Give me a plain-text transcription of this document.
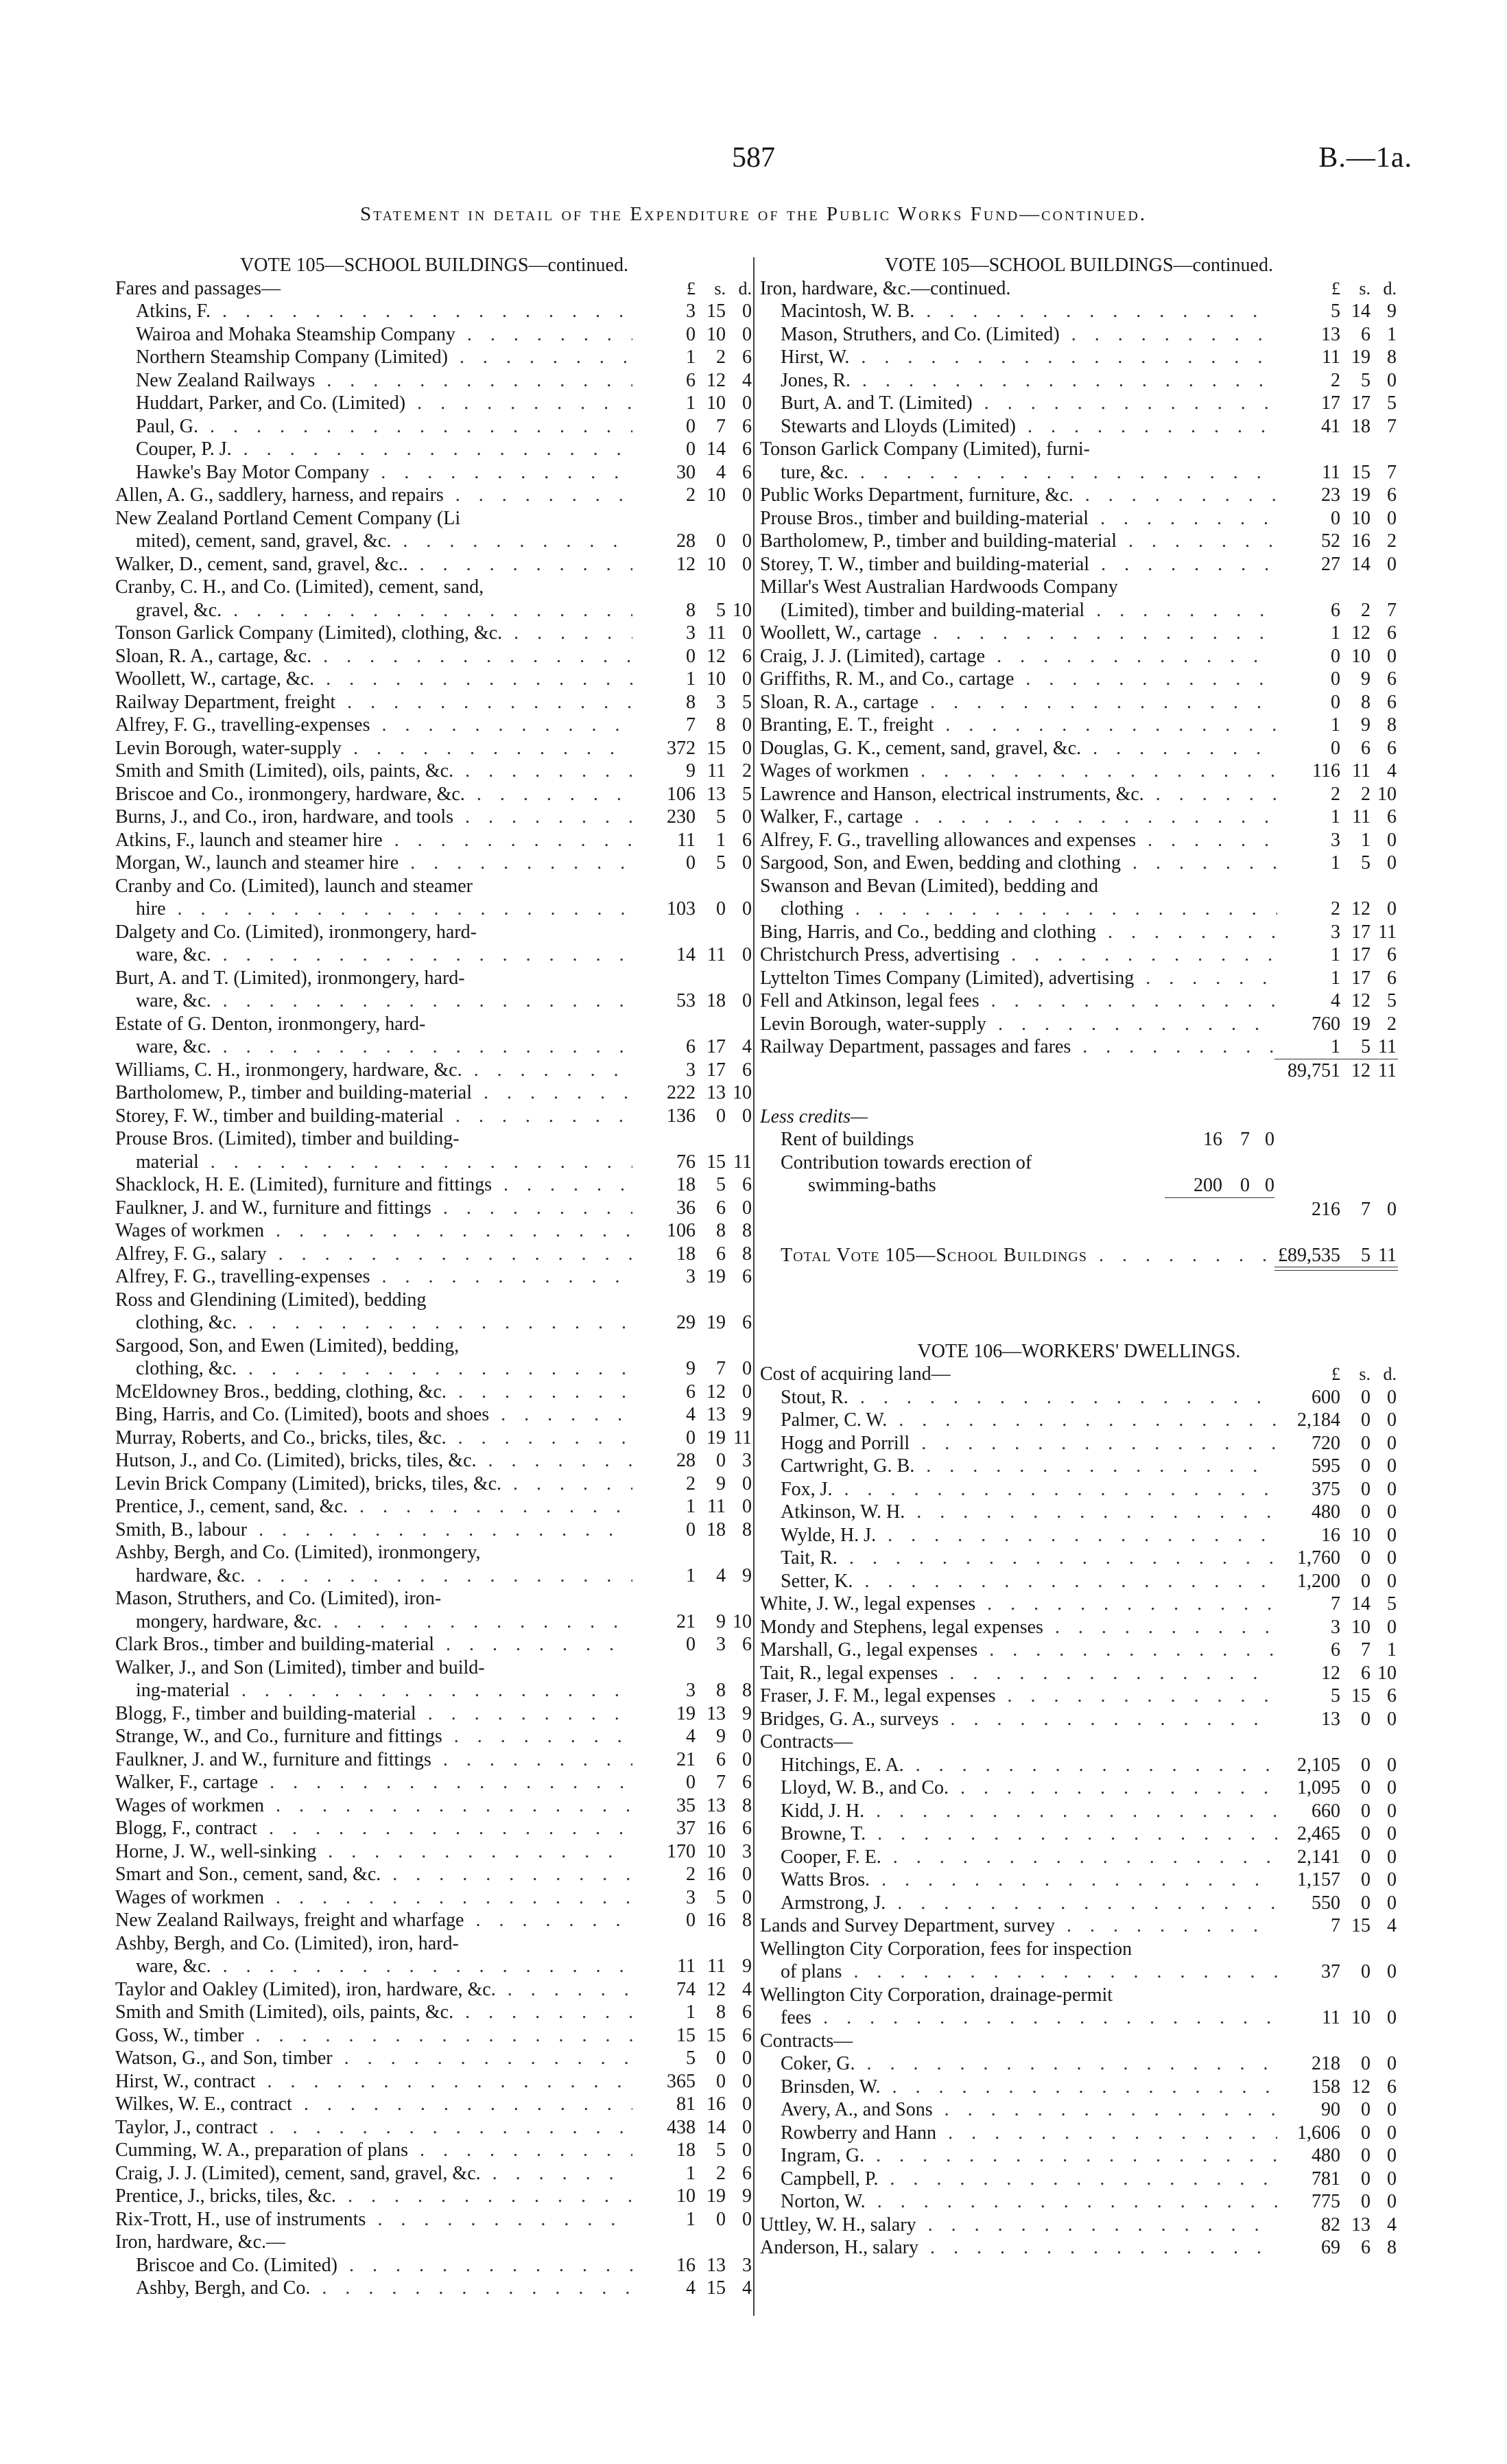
587	B.—1a.
Statement in detail of the Expenditure of the Public Works Fund—continued.
VOTE 105—SCHOOL BUILDINGS—continued.
Fares and passages—	£	s. d.
Atkins, F. . . .	3 15 0
Wairoa and Mohaka Steamship Company . . .	0 10 0
Northern Steamship Company (Limited) . . .	1	2 6
New Zealand Railways . . .	6 12 4
Huddart, Parker, and Co. (Limited) . . .	1 10 0
Paul, G. . . .	0	7 6
Couper, P. J. . . .	0 14 6
Hawke's Bay Motor Company . . .	30	4 6
Allen, A. G., saddlery, harness, and repairs . . .	2 10 0
New Zealand Portland Cement Company (Li
mited), cement, sand, gravel, &c. . . .	28	0 0
Walker, D., cement, sand, gravel, &c.. . . .	12 10 0
Cranby, C. H., and Co. (Limited), cement, sand,
gravel, &c. . . .	8	5 10
Tonson Garlick Company (Limited), clothing, &c. . . .	3 11 0
Sloan, R. A., cartage, &c. . . .	0 12 6
Woollett, W., cartage, &c. . . .	1 10 0
Railway Department, freight . . .	8	3 5
Alfrey, F. G., travelling-expenses . . .	7	8 0
Levin Borough, water-supply . . .	372 15 0
Smith and Smith (Limited), oils, paints, &c. . . .	9 11 2
Briscoe and Co., ironmongery, hardware, &c. . . .	106 13 5
Burns, J., and Co., iron, hardware, and tools . . .	230	5 0
Atkins, F., launch and steamer hire . . .	11	1 6
Morgan, W., launch and steamer hire . . .	0	5 0
Cranby and Co. (Limited), launch and steamer
hire . . .	103	0 0
Dalgety and Co. (Limited), ironmongery, hard-
ware, &c. . . .	14 11 0
Burt, A. and T. (Limited), ironmongery, hard-
ware, &c. . . .	53 18 0
Estate of G. Denton, ironmongery, hard-
ware, &c. . . .	6 17 4
Williams, C. H., ironmongery, hardware, &c. . . .	3 17 6
Bartholomew, P., timber and building-material . . .	222 13 10
Storey, F. W., timber and building-material . . .	136	0 0
Prouse Bros. (Limited), timber and building-
material . . .	76 15 11
Shacklock, H. E. (Limited), furniture and fittings . . .	18	5 6
Faulkner, J. and W., furniture and fittings . . .	36	6 0
Wages of workmen . . .	106	8 8
Alfrey, F. G., salary . . .	18	6 8
Alfrey, F. G., travelling-expenses . . .	3 19 6
Ross and Glendining (Limited), bedding
clothing, &c. . . .	29 19 6
Sargood, Son, and Ewen (Limited), bedding,
clothing, &c. . . .	9	7 0
McEldowney Bros., bedding, clothing, &c. . . .	6 12 0
Bing, Harris, and Co. (Limited), boots and shoes . . .	4 13 9
Murray, Roberts, and Co., bricks, tiles, &c. . . .	0 19 11
Hutson, J., and Co. (Limited), bricks, tiles, &c. . . .	28	0 3
Levin Brick Company (Limited), bricks, tiles, &c. . . .	2	9 0
Prentice, J., cement, sand, &c. . . .	1 11 0
Smith, B., labour . . .	0 18 8
Ashby, Bergh, and Co. (Limited), ironmongery,
hardware, &c. . . .	1	4 9
Mason, Struthers, and Co. (Limited), iron-
mongery, hardware, &c. . . .	21	9 10
Clark Bros., timber and building-material . . .	0	3 6
Walker, J., and Son (Limited), timber and build-
ing-material . . .	3	8 8
Blogg, F., timber and building-material . . .	19 13 9
Strange, W., and Co., furniture and fittings . . .	4	9 0
Faulkner, J. and W., furniture and fittings . . .	21	6 0
Walker, F., cartage . . .	0	7 6
Wages of workmen . . .	35 13 8
Blogg, F., contract . . .	37 16 6
Horne, J. W., well-sinking . . .	170 10 3
Smart and Son., cement, sand, &c. . . .	2 16 0
Wages of workmen . . .	3	5 0
New Zealand Railways, freight and wharfage . . .	0 16 8
Ashby, Bergh, and Co. (Limited), iron, hard-
ware, &c. . . .	11 11 9
Taylor and Oakley (Limited), iron, hardware, &c. . . .	74 12 4
Smith and Smith (Limited), oils, paints, &c. . . .	1	8 6
Goss, W., timber . . .	15 15 6
Watson, G., and Son, timber . . .	5	0 0
Hirst, W., contract . . .	365	0 0
Wilkes, W. E., contract . . .	81 16 0
Taylor, J., contract . . .	438 14 0
Cumming, W. A., preparation of plans . . .	18	5 0
Craig, J. J. (Limited), cement, sand, gravel, &c. . . .	1	2 6
Prentice, J., bricks, tiles, &c. . . .	10 19 9
Rix-Trott, H., use of instruments . . .	1	0 0
Iron, hardware, &c.—
Briscoe and Co. (Limited) . . .	16 13 3
Ashby, Bergh, and Co. . . .	4 15 4
VOTE 105—SCHOOL BUILDINGS—continued.
Iron, hardware, &c.—continued.	£	s. d.
Macintosh, W. B. . . .	5 14 9
Mason, Struthers, and Co. (Limited) . . .	13	6 1
Hirst, W. . . .	11 19 8
Jones, R. . . .	2	5 0
Burt, A. and T. (Limited) . . .	17 17 5
Stewarts and Lloyds (Limited) . . .	41 18 7
Tonson Garlick Company (Limited), furni-
ture, &c. . . .	11 15 7
Public Works Department, furniture, &c. . . .	23 19 6
Prouse Bros., timber and building-material . . .	0 10 0
Bartholomew, P., timber and building-material . . .	52 16 2
Storey, T. W., timber and building-material . . .	27 14 0
Millar's West Australian Hardwoods Company
(Limited), timber and building-material . . .	6	2 7
Woollett, W., cartage . . .	1 12 6
Craig, J. J. (Limited), cartage . . .	0 10 0
Griffiths, R. M., and Co., cartage . . .	0	9 6
Sloan, R. A., cartage . . .	0	8 6
Branting, E. T., freight . . .	1	9 8
Douglas, G. K., cement, sand, gravel, &c. . . .	0	6 6
Wages of workmen . . .	116 11 4
Lawrence and Hanson, electrical instruments, &c. . . .	2	2 10
Walker, F., cartage . . .	1 11 6
Alfrey, F. G., travelling allowances and expenses . . .	3	1 0
Sargood, Son, and Ewen, bedding and clothing . . .	1	5 0
Swanson and Bevan (Limited), bedding and
clothing . . .	2 12 0
Bing, Harris, and Co., bedding and clothing . . .	3 17 11
Christchurch Press, advertising . . .	1 17 6
Lyttelton Times Company (Limited), advertising . . .	1 17 6
Fell and Atkinson, legal fees . . .	4 12 5
Levin Borough, water-supply . . .	760 19 2
Railway Department, passages and fares . . .	1	5 11
89,751 12 11
Less credits—
Rent of buildings	16 7 0
Contribution towards erection of
swimming-baths	200 0 0
216	7 0
Total Vote 105—School Buildings . . .	£89,535	5 11
VOTE 106—WORKERS' DWELLINGS.
Cost of acquiring land—	£	s. d.
Stout, R. . . .	600	0 0
Palmer, C. W. . . .	2,184	0 0
Hogg and Porrill . . .	720	0 0
Cartwright, G. B. . . .	595	0 0
Fox, J. . . .	375	0 0
Atkinson, W. H. . . .	480	0 0
Wylde, H. J. . . .	16 10 0
Tait, R. . . .	1,760	0 0
Setter, K. . . .	1,200	0 0
White, J. W., legal expenses . . .	7 14 5
Mondy and Stephens, legal expenses . . .	3 10 0
Marshall, G., legal expenses . . .	6	7 1
Tait, R., legal expenses . . .	12	6 10
Fraser, J. F. M., legal expenses . . .	5 15 6
Bridges, G. A., surveys . . .	13	0 0
Contracts—
Hitchings, E. A. . . .	2,105	0 0
Lloyd, W. B., and Co. . . .	1,095	0 0
Kidd, J. H. . . .	660	0 0
Browne, T. . . .	2,465	0 0
Cooper, F. E. . . .	2,141	0 0
Watts Bros. . . .	1,157	0 0
Armstrong, J. . . .	550	0 0
Lands and Survey Department, survey . . .	7 15 4
Wellington City Corporation, fees for inspection
of plans . . .	37	0 0
Wellington City Corporation, drainage-permit
fees . . .	11 10 0
Contracts—
Coker, G. . . .	218	0 0
Brinsden, W. . . .	158 12 6
Avery, A., and Sons . . .	90	0 0
Rowberry and Hann . . .	1,606	0 0
Ingram, G. . . .	480	0 0
Campbell, P. . . .	781	0 0
Norton, W. . . .	775	0 0
Uttley, W. H., salary . . .	82 13 4
Anderson, H., salary . . .	69	6 8
